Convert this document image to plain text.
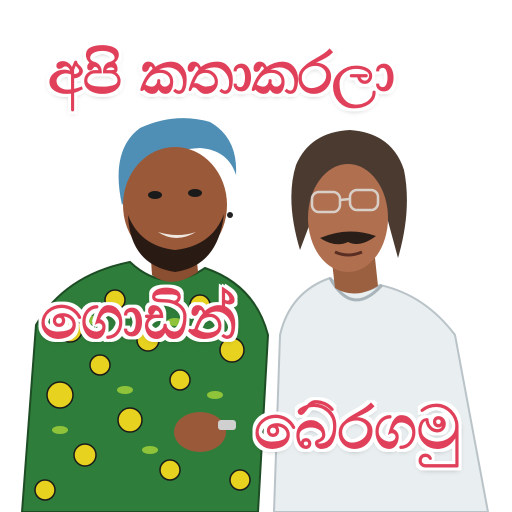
අපි කතාකරලා
ගොඩින්
බේරගමු
